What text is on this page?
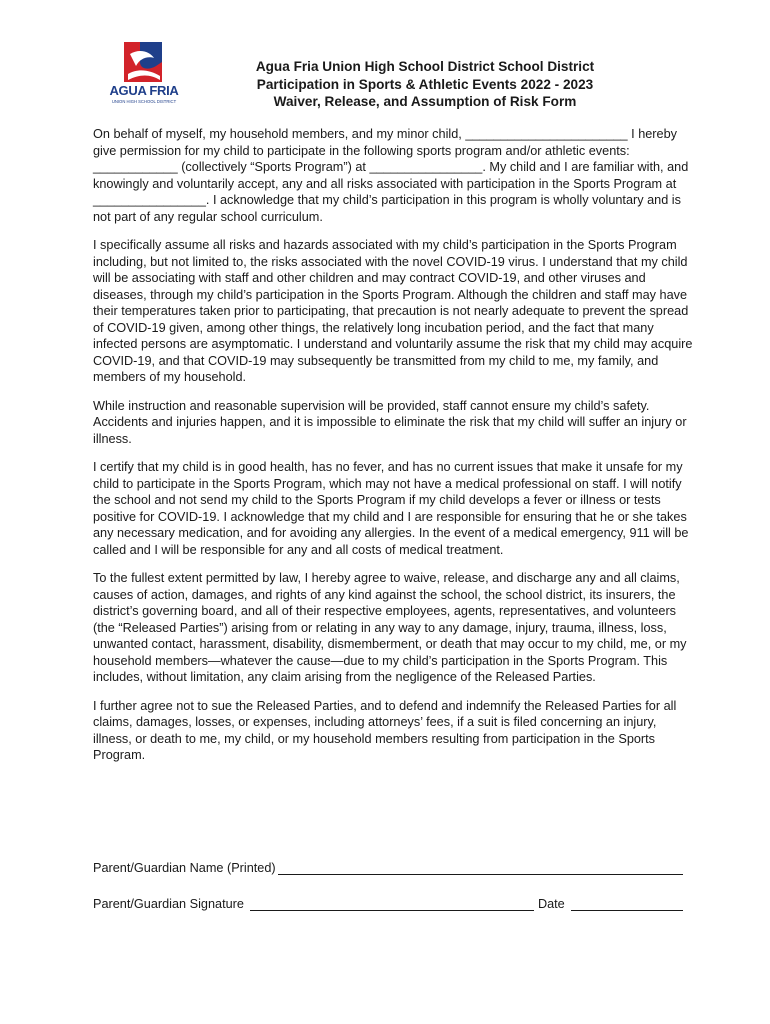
AGUA FRIA
UNION HIGH SCHOOL DISTRICT
Agua Fria Union High School District School District
Participation in Sports & Athletic Events 2022 - 2023
Waiver, Release, and Assumption of Risk Form

On behalf of myself, my household members, and my minor child, _______________________ I hereby give permission for my child to participate in the following sports program and/or athletic events: ____________ (collectively “Sports Program”) at ________________. My child and I are familiar with, and knowingly and voluntarily accept, any and all risks associated with participation in the Sports Program at ________________. I acknowledge that my child’s participation in this program is wholly voluntary and is not part of any regular school curriculum.

I specifically assume all risks and hazards associated with my child’s participation in the Sports Program including, but not limited to, the risks associated with the novel COVID-19 virus. I understand that my child will be associating with staff and other children and may contract COVID-19, and other viruses and diseases, through my child’s participation in the Sports Program. Although the children and staff may have their temperatures taken prior to participating, that precaution is not nearly adequate to prevent the spread of COVID-19 given, among other things, the relatively long incubation period, and the fact that many infected persons are asymptomatic. I understand and voluntarily assume the risk that my child may acquire COVID-19, and that COVID-19 may subsequently be transmitted from my child to me, my family, and members of my household.

While instruction and reasonable supervision will be provided, staff cannot ensure my child’s safety. Accidents and injuries happen, and it is impossible to eliminate the risk that my child will suffer an injury or illness.

I certify that my child is in good health, has no fever, and has no current issues that make it unsafe for my child to participate in the Sports Program, which may not have a medical professional on staff. I will notify the school and not send my child to the Sports Program if my child develops a fever or illness or tests positive for COVID-19. I acknowledge that my child and I are responsible for ensuring that he or she takes any necessary medication, and for avoiding any allergies. In the event of a medical emergency, 911 will be called and I will be responsible for any and all costs of medical treatment.

To the fullest extent permitted by law, I hereby agree to waive, release, and discharge any and all claims, causes of action, damages, and rights of any kind against the school, the school district, its insurers, the district’s governing board, and all of their respective employees, agents, representatives, and volunteers (the “Released Parties”) arising from or relating in any way to any damage, injury, trauma, illness, loss, unwanted contact, harassment, disability, dismemberment, or death that may occur to my child, me, or my household members—whatever the cause—due to my child’s participation in the Sports Program. This includes, without limitation, any claim arising from the negligence of the Released Parties.

I further agree not to sue the Released Parties, and to defend and indemnify the Released Parties for all claims, damages, losses, or expenses, including attorneys’ fees, if a suit is filed concerning an injury, illness, or death to me, my child, or my household members resulting from participation in the Sports Program.

Parent/Guardian Name (Printed)
Parent/Guardian Signature	Date
